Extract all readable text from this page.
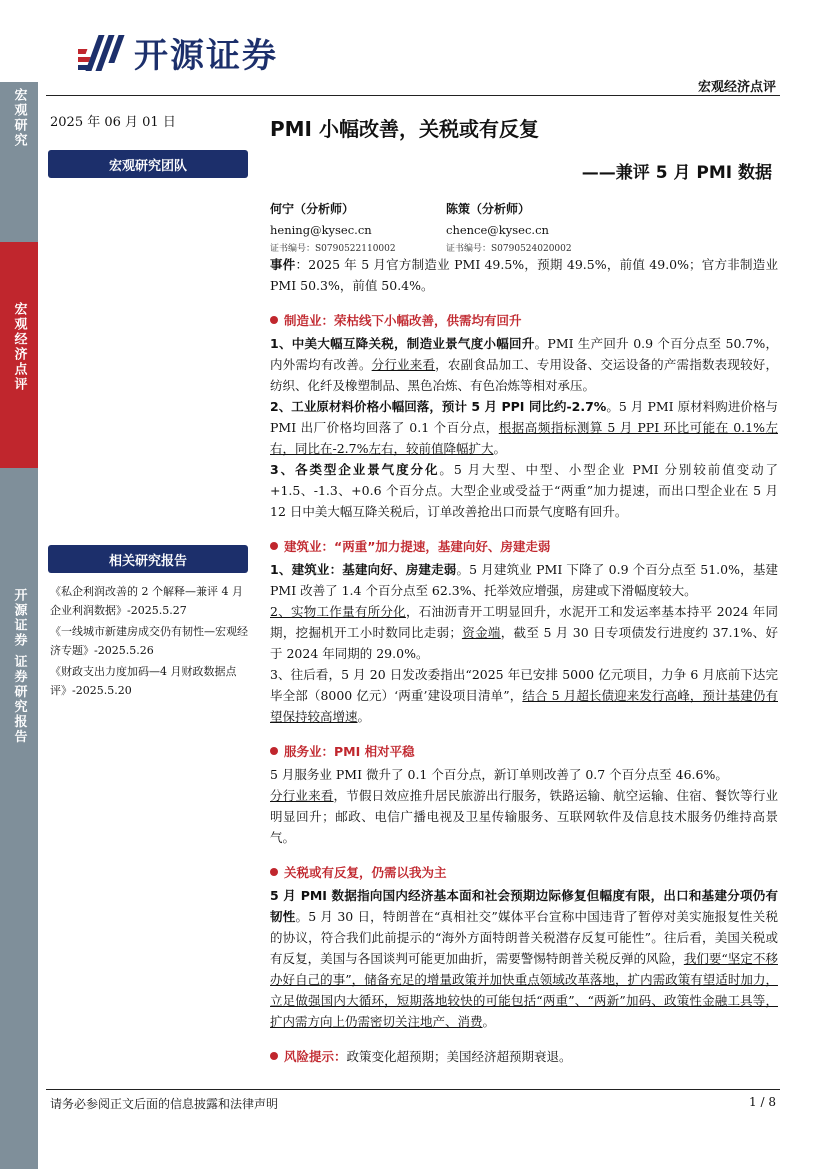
开源证券
宏观经济点评
宏观研究
宏观经济点评
开源证券 证券研究报告
2025 年 06 月 01 日
宏观研究团队
相关研究报告
《私企利润改善的 2 个解释—兼评 4 月企业利润数据》-2025.5.27
《一线城市新建房成交仍有韧性—宏观经济专题》-2025.5.26
《财政支出力度加码—4 月财政数据点评》-2025.5.20
PMI 小幅改善，关税或有反复
——兼评 5 月 PMI 数据
何宁（分析师）
hening@kysec.cn
证书编号：S0790522110002
陈策（分析师）
chence@kysec.cn
证书编号：S0790524020002

事件：2025 年 5 月官方制造业 PMI 49.5%，预期 49.5%，前值 49.0%；官方非制造业 PMI 50.3%，前值 50.4%。

制造业：荣枯线下小幅改善，供需均有回升

1、中美大幅互降关税，制造业景气度小幅回升。PMI 生产回升 0.9 个百分点至 50.7%，内外需均有改善。分行业来看，农副食品加工、专用设备、交运设备的产需指数表现较好，纺织、化纤及橡塑制品、黑色冶炼、有色冶炼等相对承压。

2、工业原材料价格小幅回落，预计 5 月 PPI 同比约-2.7%。5 月 PMI 原材料购进价格与 PMI 出厂价格均回落了 0.1 个百分点，根据高频指标测算 5 月 PPI 环比可能在 0.1%左右，同比在-2.7%左右，较前值降幅扩大。

3、各类型企业景气度分化。5 月大型、中型、小型企业 PMI 分别较前值变动了+1.5、-1.3、+0.6 个百分点。大型企业或受益于“两重”加力提速，而出口型企业在 5 月 12 日中美大幅互降关税后，订单改善抢出口而景气度略有回升。

建筑业：“两重”加力提速，基建向好、房建走弱

1、建筑业：基建向好、房建走弱。5 月建筑业 PMI 下降了 0.9 个百分点至 51.0%，基建 PMI 改善了 1.4 个百分点至 62.3%、托举效应增强，房建或下滑幅度较大。

2、实物工作量有所分化，石油沥青开工明显回升，水泥开工和发运率基本持平 2024 年同期，挖掘机开工小时数同比走弱；资金端，截至 5 月 30 日专项债发行进度约 37.1%、好于 2024 年同期的 29.0%。

3、往后看，5 月 20 日发改委指出“2025 年已安排 5000 亿元项目，力争 6 月底前下达完毕全部（8000 亿元）‘两重’建设项目清单”，结合 5 月超长债迎来发行高峰，预计基建仍有望保持较高增速。

服务业：PMI 相对平稳

5 月服务业 PMI 微升了 0.1 个百分点，新订单则改善了 0.7 个百分点至 46.6%。

分行业来看，节假日效应推升居民旅游出行服务，铁路运输、航空运输、住宿、餐饮等行业明显回升；邮政、电信广播电视及卫星传输服务、互联网软件及信息技术服务仍维持高景气。

关税或有反复，仍需以我为主

5 月 PMI 数据指向国内经济基本面和社会预期边际修复但幅度有限，出口和基建分项仍有韧性。5 月 30 日，特朗普在“真相社交”媒体平台宣称中国违背了暂停对美实施报复性关税的协议，符合我们此前提示的“海外方面特朗普关税潜存反复可能性”。往后看，美国关税或有反复，美国与各国谈判可能更加曲折，需要警惕特朗普关税反弹的风险，我们要“坚定不移办好自己的事”，储备充足的增量政策并加快重点领域改革落地，扩内需政策有望适时加力，立足做强国内大循环，短期落地较快的可能包括“两重”、“两新”加码、政策性金融工具等，扩内需方向上仍需密切关注地产、消费。

风险提示：政策变化超预期；美国经济超预期衰退。

请务必参阅正文后面的信息披露和法律声明	1 / 8
